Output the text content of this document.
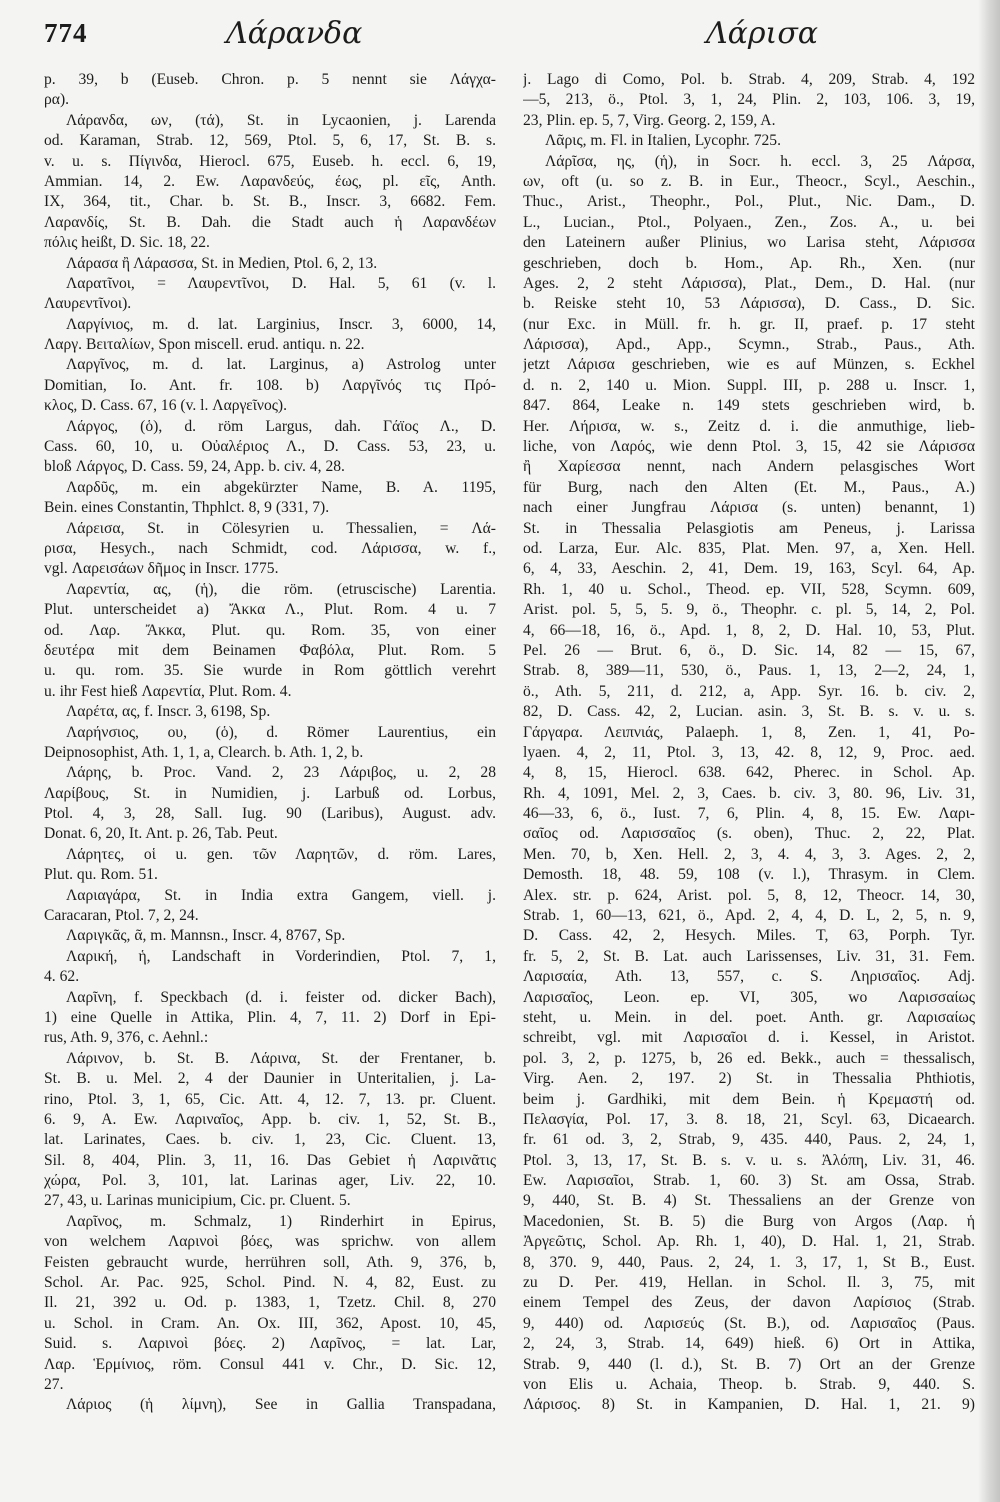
774	Λάρανδα	Λάρισα
p. 39, b (Euseb. Chron. p. 5 nennt sie Λάγχα-
ρα).
Λάρανδα, ων, (τά), St. in Lycaonien, j. Larenda
od. Karaman, Strab. 12, 569, Ptol. 5, 6, 17, St. B. s.
v. u. s. Πίγινδα, Hierocl. 675, Euseb. h. eccl. 6, 19,
Ammian. 14, 2. Ew. Λαρανδεύς, έως, pl. εῖς, Anth.
IX, 364, tit., Char. b. St. B., Inscr. 3, 6682. Fem.
Λαρανδίς, St. B. Dah. die Stadt auch ἡ Λαρανδέων
πόλις heißt, D. Sic. 18, 22.
Λάρασα ἢ Λάρασσα, St. in Medien, Ptol. 6, 2, 13.
Λαρατῖνοι, = Λαυρεντῖνοι, D. Hal. 5, 61 (v. l.
Λαυρεντῖνοι).
Λαργίνιος, m. d. lat. Larginius, Inscr. 3, 6000, 14,
Λαργ. Βειταλίων, Spon miscell. erud. antiqu. n. 22.
Λαργῖνος, m. d. lat. Larginus, a) Astrolog unter
Domitian, Io. Ant. fr. 108. b) Λαργῖνός τις Πρό-
κλος, D. Cass. 67, 16 (v. l. Λαργεῖνος).
Λάργος, (ὁ), d. röm Largus, dah. Γάϊος Λ., D.
Cass. 60, 10, u. Οὐαλέριος Λ., D. Cass. 53, 23, u.
bloß Λάργος, D. Cass. 59, 24, App. b. civ. 4, 28.
Λαρδῦς, m. ein abgekürzter Name, B. A. 1195,
Bein. eines Constantin, Thphlct. 8, 9 (331, 7).
Λάρεισα, St. in Cölesyrien u. Thessalien, = Λά-
ρισα, Hesych., nach Schmidt, cod. Λάρισσα, w. f.,
vgl. Λαρεισάων δῆμος in Inscr. 1775.
Λαρεντία, ας, (ἡ), die röm. (etruscische) Larentia.
Plut. unterscheidet a) Ἄκκα Λ., Plut. Rom. 4 u. 7
od. Λαρ. Ἄκκα, Plut. qu. Rom. 35, von einer
δευτέρα mit dem Beinamen Φαβόλα, Plut. Rom. 5
u. qu. rom. 35. Sie wurde in Rom göttlich verehrt
u. ihr Fest hieß Λαρεντία, Plut. Rom. 4.
Λαρέτα, ας, f. Inscr. 3, 6198, Sp.
Λαρήνσιος, ου, (ὁ), d. Römer Laurentius, ein
Deipnosophist, Ath. 1, 1, a, Clearch. b. Ath. 1, 2, b.
Λάρης, b. Proc. Vand. 2, 23 Λάριβος, u. 2, 28
Λαρίβους, St. in Numidien, j. Larbuß od. Lorbus,
Ptol. 4, 3, 28, Sall. Iug. 90 (Laribus), August. adv.
Donat. 6, 20, It. Ant. p. 26, Tab. Peut.
Λάρητες, οἱ u. gen. τῶν Λαρητῶν, d. röm. Lares,
Plut. qu. Rom. 51.
Λαριαγάρα, St. in India extra Gangem, viell. j.
Caracaran, Ptol. 7, 2, 24.
Λαριγκᾶς, ᾶ, m. Mannsn., Inscr. 4, 8767, Sp.
Λαρική, ἡ, Landschaft in Vorderindien, Ptol. 7, 1,
4. 62.
Λαρῖνη, f. Speckbach (d. i. feister od. dicker Bach),
1) eine Quelle in Attika, Plin. 4, 7, 11. 2) Dorf in Epi-
rus, Ath. 9, 376, c. Aehnl.:
Λάρινον, b. St. B. Λάρινα, St. der Frentaner, b.
St. B. u. Mel. 2, 4 der Daunier in Unteritalien, j. La-
rino, Ptol. 3, 1, 65, Cic. Att. 4, 12. 7, 13. pr. Cluent.
6. 9, A. Ew. Λαριναῖος, App. b. civ. 1, 52, St. B.,
lat. Larinates, Caes. b. civ. 1, 23, Cic. Cluent. 13,
Sil. 8, 404, Plin. 3, 11, 16. Das Gebiet ἡ Λαρινᾶτις
χώρα, Pol. 3, 101, lat. Larinas ager, Liv. 22, 10.
27, 43, u. Larinas municipium, Cic. pr. Cluent. 5.
Λαρῖνος, m. Schmalz, 1) Rinderhirt in Epirus,
von welchem Λαρινοὶ βόες, was sprichw. von allem
Feisten gebraucht wurde, herrühren soll, Ath. 9, 376, b,
Schol. Ar. Pac. 925, Schol. Pind. N. 4, 82, Eust. zu
Il. 21, 392 u. Od. p. 1383, 1, Tzetz. Chil. 8, 270
u. Schol. in Cram. An. Ox. III, 362, Apost. 10, 45,
Suid. s. Λαρινοὶ βόες. 2) Λαρῖνος, = lat. Lar,
Λαρ. Ἑρμίνιος, röm. Consul 441 v. Chr., D. Sic. 12,
27.
Λάριος (ἡ λίμνη), See in Gallia Transpadana,
j. Lago di Como, Pol. b. Strab. 4, 209, Strab. 4, 192
—5, 213, ö., Ptol. 3, 1, 24, Plin. 2, 103, 106. 3, 19,
23, Plin. ep. 5, 7, Virg. Georg. 2, 159, A.
Λᾶρις, m. Fl. in Italien, Lycophr. 725.
Λάρῖσα, ης, (ἡ), in Socr. h. eccl. 3, 25 Λάρσα,
ων, oft (u. so z. B. in Eur., Theocr., Scyl., Aeschin.,
Thuc., Arist., Theophr., Pol., Plut., Nic. Dam., D.
L., Lucian., Ptol., Polyaen., Zen., Zos. A., u. bei
den Lateinern außer Plinius, wo Larisa steht, Λάρισσα
geschrieben, doch b. Hom., Ap. Rh., Xen. (nur
Ages. 2, 2 steht Λάρισσα), Plat., Dem., D. Hal. (nur
b. Reiske steht 10, 53 Λάρισσα), D. Cass., D. Sic.
(nur Exc. in Müll. fr. h. gr. II, praef. p. 17 steht
Λάρισσα), Apd., App., Scymn., Strab., Paus., Ath.
jetzt Λάρισα geschrieben, wie es auf Münzen, s. Eckhel
d. n. 2, 140 u. Mion. Suppl. III, p. 288 u. Inscr. 1,
847. 864, Leake n. 149 stets geschrieben wird, b.
Her. Λήρισα, w. s., Zeitz d. i. die anmuthige, lieb-
liche, von Λαρός, wie denn Ptol. 3, 15, 42 sie Λάρισσα
ἢ Χαρίεσσα nennt, nach Andern pelasgisches Wort
für Burg, nach den Alten (Et. M., Paus., A.)
nach einer Jungfrau Λάρισα (s. unten) benannt, 1)
St. in Thessalia Pelasgiotis am Peneus, j. Larissa
od. Larza, Eur. Alc. 835, Plat. Men. 97, a, Xen. Hell.
6, 4, 33, Aeschin. 2, 41, Dem. 19, 163, Scyl. 64, Ap.
Rh. 1, 40 u. Schol., Theod. ep. VII, 528, Scymn. 609,
Arist. pol. 5, 5, 5. 9, ö., Theophr. c. pl. 5, 14, 2, Pol.
4, 66—18, 16, ö., Apd. 1, 8, 2, D. Hal. 10, 53, Plut.
Pel. 26 — Brut. 6, ö., D. Sic. 14, 82 — 15, 67,
Strab. 8, 389—11, 530, ö., Paus. 1, 13, 2—2, 24, 1,
ö., Ath. 5, 211, d. 212, a, App. Syr. 16. b. civ. 2,
82, D. Cass. 42, 2, Lucian. asin. 3, St. B. s. v. u. s.
Γάργαρα. Λειπνιάς, Palaeph. 1, 8, Zen. 1, 41, Po-
lyaen. 4, 2, 11, Ptol. 3, 13, 42. 8, 12, 9, Proc. aed.
4, 8, 15, Hierocl. 638. 642, Pherec. in Schol. Ap.
Rh. 4, 1091, Mel. 2, 3, Caes. b. civ. 3, 80. 96, Liv. 31,
46—33, 6, ö., Iust. 7, 6, Plin. 4, 8, 15. Ew. Λαρι-
σαῖος od. Λαρισσαῖος (s. oben), Thuc. 2, 22, Plat.
Men. 70, b, Xen. Hell. 2, 3, 4. 4, 3, 3. Ages. 2, 2,
Demosth. 18, 48. 59, 108 (v. l.), Thrasym. in Clem.
Alex. str. p. 624, Arist. pol. 5, 8, 12, Theocr. 14, 30,
Strab. 1, 60—13, 621, ö., Apd. 2, 4, 4, D. L, 2, 5, n. 9,
D. Cass. 42, 2, Hesych. Miles. T, 63, Porph. Tyr.
fr. 5, 2, St. B. Lat. auch Larissenses, Liv. 31, 31. Fem.
Λαρισαία, Ath. 13, 557, c. S. Ληρισαῖος. Adj.
Λαρισαῖος, Leon. ep. VI, 305, wo Λαρισσαίως
steht, u. Mein. in del. poet. Anth. gr. Λαρισαίως
schreibt, vgl. mit Λαρισαῖοι d. i. Kessel, in Aristot.
pol. 3, 2, p. 1275, b, 26 ed. Bekk., auch = thessalisch,
Virg. Aen. 2, 197. 2) St. in Thessalia Phthiotis,
beim j. Gardhiki, mit dem Bein. ἡ Κρεμαστή od.
Πελασγία, Pol. 17, 3. 8. 18, 21, Scyl. 63, Dicaearch.
fr. 61 od. 3, 2, Strab, 9, 435. 440, Paus. 2, 24, 1,
Ptol. 3, 13, 17, St. B. s. v. u. s. Ἀλόπη, Liv. 31, 46.
Ew. Λαρισαῖοι, Strab. 1, 60. 3) St. am Ossa, Strab.
9, 440, St. B. 4) St. Thessaliens an der Grenze von
Macedonien, St. B. 5) die Burg von Argos (Λαρ. ἡ
Ἀργεῶτις, Schol. Ap. Rh. 1, 40), D. Hal. 1, 21, Strab.
8, 370. 9, 440, Paus. 2, 24, 1. 3, 17, 1, St B., Eust.
zu D. Per. 419, Hellan. in Schol. Il. 3, 75, mit
einem Tempel des Zeus, der davon Λαρίσιος (Strab.
9, 440) od. Λαρισεύς (St. B.), od. Λαρισαῖος (Paus.
2, 24, 3, Strab. 14, 649) hieß. 6) Ort in Attika,
Strab. 9, 440 (l. d.), St. B. 7) Ort an der Grenze
von Elis u. Achaia, Theop. b. Strab. 9, 440. S.
Λάρισος. 8) St. in Kampanien, D. Hal. 1, 21. 9)
